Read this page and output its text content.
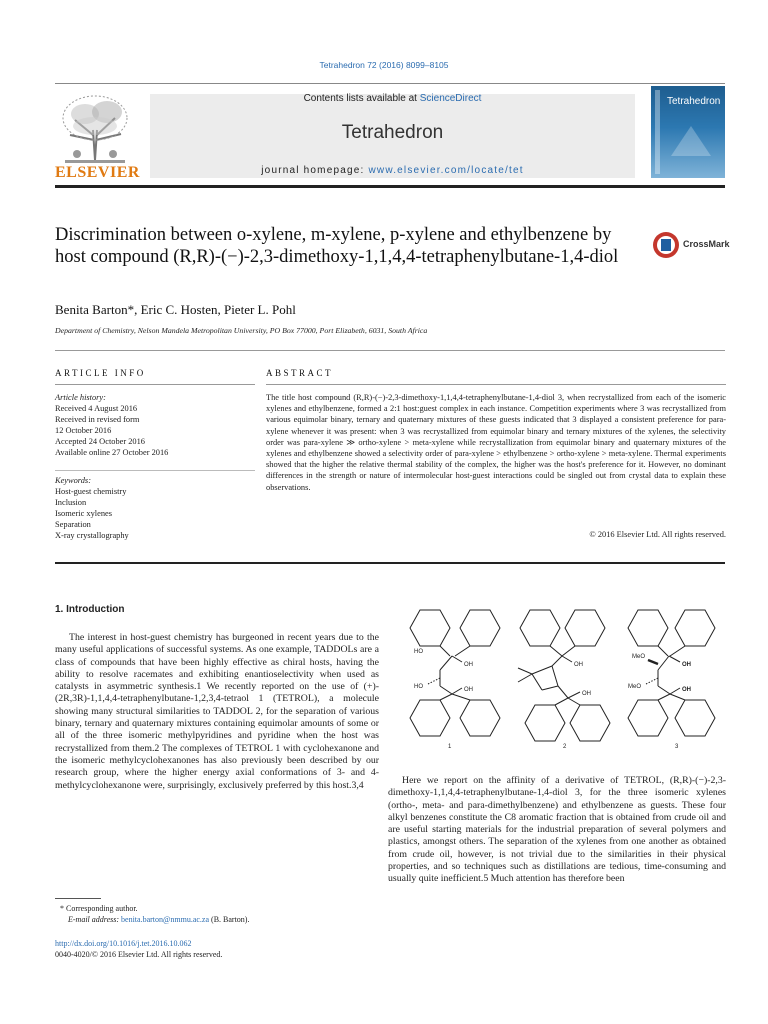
Tetrahedron 72 (2016) 8099–8105
ELSEVIER
Contents lists available at ScienceDirect
Tetrahedron
journal homepage: www.elsevier.com/locate/tet
Tetrahedron
Discrimination between o-xylene, m-xylene, p-xylene and ethylbenzene by host compound (R,R)-(−)-2,3-dimethoxy-1,1,4,4-tetraphenylbutane-1,4-diol
CrossMark
Benita Barton*, Eric C. Hosten, Pieter L. Pohl
Department of Chemistry, Nelson Mandela Metropolitan University, PO Box 77000, Port Elizabeth, 6031, South Africa
ARTICLE INFO	ABSTRACT
Article history:
Received 4 August 2016
Received in revised form
12 October 2016
Accepted 24 October 2016
Available online 27 October 2016
Keywords:
Host-guest chemistry
Inclusion
Isomeric xylenes
Separation
X-ray crystallography
The title host compound (R,R)-(−)-2,3-dimethoxy-1,1,4,4-tetraphenylbutane-1,4-diol 3, when recrystallized from each of the isomeric xylenes and ethylbenzene, formed a 2:1 host:guest complex in each instance. Competition experiments where 3 was recrystallized from various equimolar binary, ternary and quaternary mixtures of these guests indicated that 3 displayed a consistent preference for para-xylene whenever it was present: when 3 was recrystallized from equimolar binary and ternary mixtures of the xylenes, the selectivity order was para-xylene ≫ ortho-xylene > meta-xylene while recrystallization from equimolar binary and quaternary mixtures of the xylenes and ethylbenzene showed a selectivity order of para-xylene > ethylbenzene > ortho-xylene > meta-xylene. Thermal experiments showed that the higher the relative thermal stability of the complex, the higher was the host's preference for it. However, no dominant differences in the strength or nature of intermolecular host-guest interactions could be singled out from crystal data to explain these observations.
© 2016 Elsevier Ltd. All rights reserved.
1. Introduction

The interest in host-guest chemistry has burgeoned in recent years due to the many useful applications of successful systems. As one example, TADDOLs are a class of compounds that have been highly effective as chiral hosts, having the ability to resolve racemates and exhibiting enantioselectivity when used as catalysts in asymmetric synthesis.1 We recently reported on the use of (+)-(2R,3R)-1,1,4,4-tetraphenylbutane-1,2,3,4-tetraol 1 (TETROL), a molecule showing many structural similarities to TADDOL 2, for the separation of various binary, ternary and quaternary mixtures containing equimolar amounts of some or all of the three isomeric methylpyridines and pyridine when the host was recrystallized from them.2 The complexes of TETROL 1 with cyclohexanone and the isomeric methylcyclohexanones has also previously been described by our research group, where the higher energy axial conformations of 3- and 4-methylcyclohexanone were, surprisingly, exclusively preferred by this host.3,4

HO
OH
HO	OH
OH
OH
MeO
OH
MeO	OH
1	2	3

Here we report on the affinity of a derivative of TETROL, (R,R)-(−)-2,3-dimethoxy-1,1,4,4-tetraphenylbutane-1,4-diol 3, for the three isomeric xylenes (ortho-, meta- and para-dimethylbenzene) and ethylbenzene as guests. These four alkyl benzenes constitute the C8 aromatic fraction that is obtained from crude oil and are useful starting materials for the industrial preparation of several polymers and plastics, amongst others. The separation of the xylenes from one another as obtained from crude oil, however, is not trivial due to the similarities in their physical properties, and so techniques such as distillations are tedious, time-consuming and usually quite inefficient.5 Much attention has therefore been

* Corresponding author.
E-mail address: benita.barton@nmmu.ac.za (B. Barton).
http://dx.doi.org/10.1016/j.tet.2016.10.062
0040-4020/© 2016 Elsevier Ltd. All rights reserved.
